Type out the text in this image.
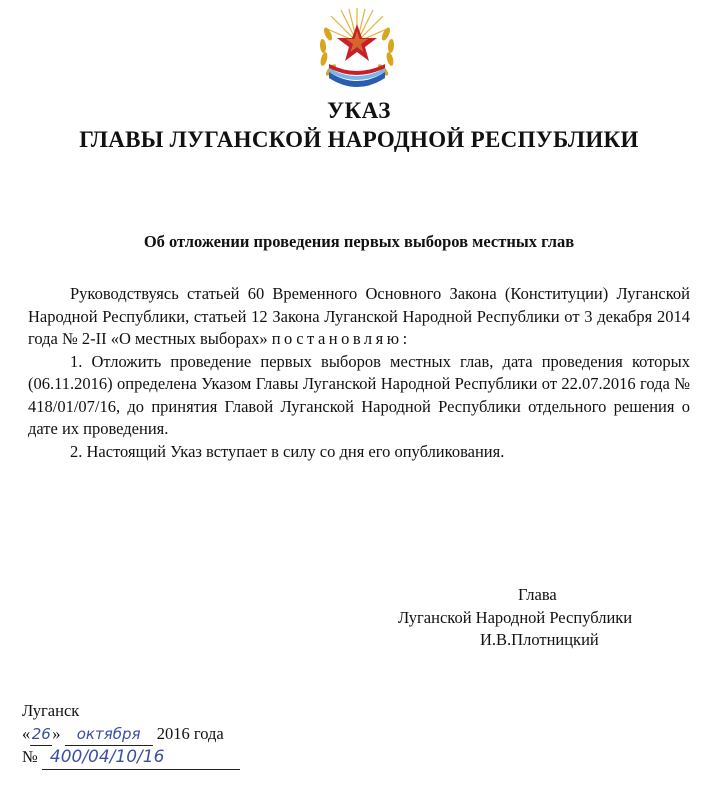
УКАЗ
ГЛАВЫ ЛУГАНСКОЙ НАРОДНОЙ РЕСПУБЛИКИ
Об отложении проведения первых выборов местных глав

Руководствуясь статьей 60 Временного Основного Закона (Конституции) Луганской Народной Республики, статьей 12 Закона Луганской Народной Республики от 3 декабря 2014 года № 2-II «О местных выборах» постановляю:

1. Отложить проведение первых выборов местных глав, дата проведения которых (06.11.2016) определена Указом Главы Луганской Народной Республики от 22.07.2016 года № 418/01/07/16, до принятия Главой Луганской Народной Республики отдельного решения о дате их проведения.

2. Настоящий Указ вступает в силу со дня его опубликования.

Глава
Луганской Народной Республики
И.В.Плотницкий
Луганск
«26» октября 2016 года
№ 400/04/10/16
